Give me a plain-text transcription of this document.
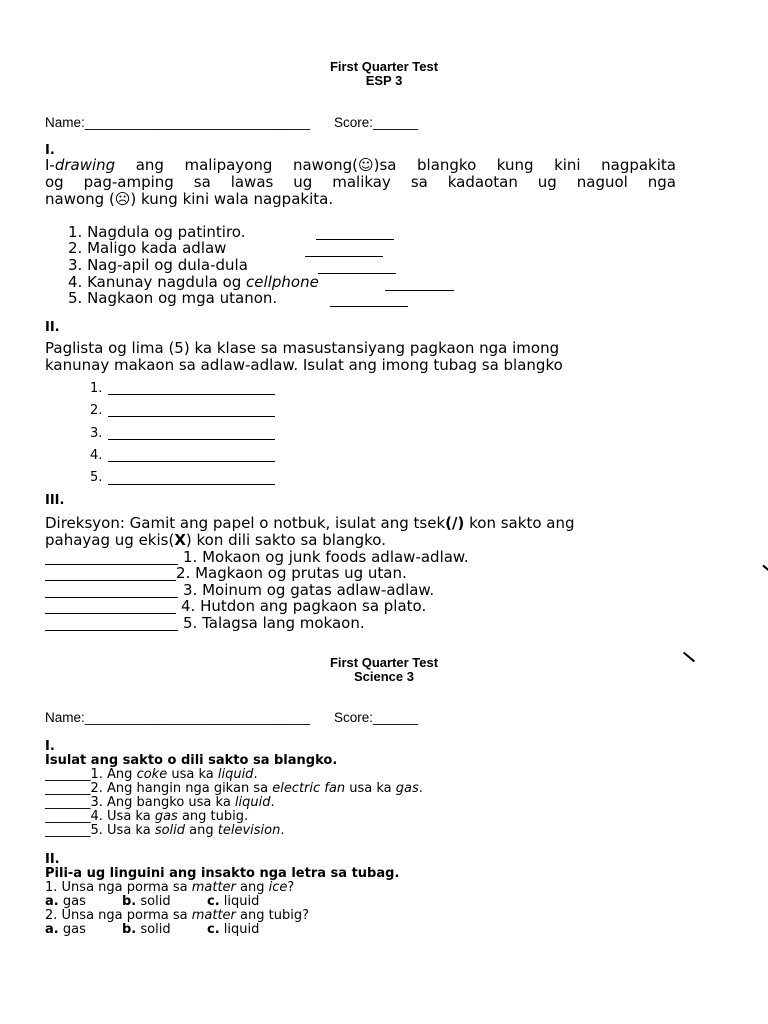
First Quarter Test
ESP 3
Name:______________________________ Score:______
I.
I-drawing ang malipayong nawong(☺)sa blangko kung kini nagpakita
og pag-amping sa lawas ug malikay sa kadaotan ug naguol nga
nawong (☹) kung kini wala nagpakita.
1. Nagdula og patintiro.
2. Maligo kada adlaw
3. Nag-apil og dula-dula
4. Kanunay nagdula og cellphone
5. Nagkaon og mga utanon.
II.
Paglista og lima (5) ka klase sa masustansiyang pagkaon nga imong
kanunay makaon sa adlaw-adlaw. Isulat ang imong tubag sa blangko
1.
2.
3.
4.
5.
III.
Direksyon: Gamit ang papel o notbuk, isulat ang tsek(/) kon sakto ang
pahayag ug ekis(X) kon dili sakto sa blangko.
1. Mokaon og junk foods adlaw-adlaw.
2. Magkaon og prutas ug utan.
3. Moinum og gatas adlaw-adlaw.
4. Hutdon ang pagkaon sa plato.
5. Talagsa lang mokaon.
First Quarter Test
Science 3
Name:______________________________ Score:______
I.
Isulat ang sakto o dili sakto sa blangko.
_______1. Ang coke usa ka liquid.
_______2. Ang hangin nga gikan sa electric fan usa ka gas.
_______3. Ang bangko usa ka liquid.
_______4. Usa ka gas ang tubig.
_______5. Usa ka solid ang television.
II.
Pili-a ug linguini ang insakto nga letra sa tubag.
1. Unsa nga porma sa matter ang ice?
a. gas	b. solid	c. liquid
2. Unsa nga porma sa matter ang tubig?
a. gas	b. solid	c. liquid
